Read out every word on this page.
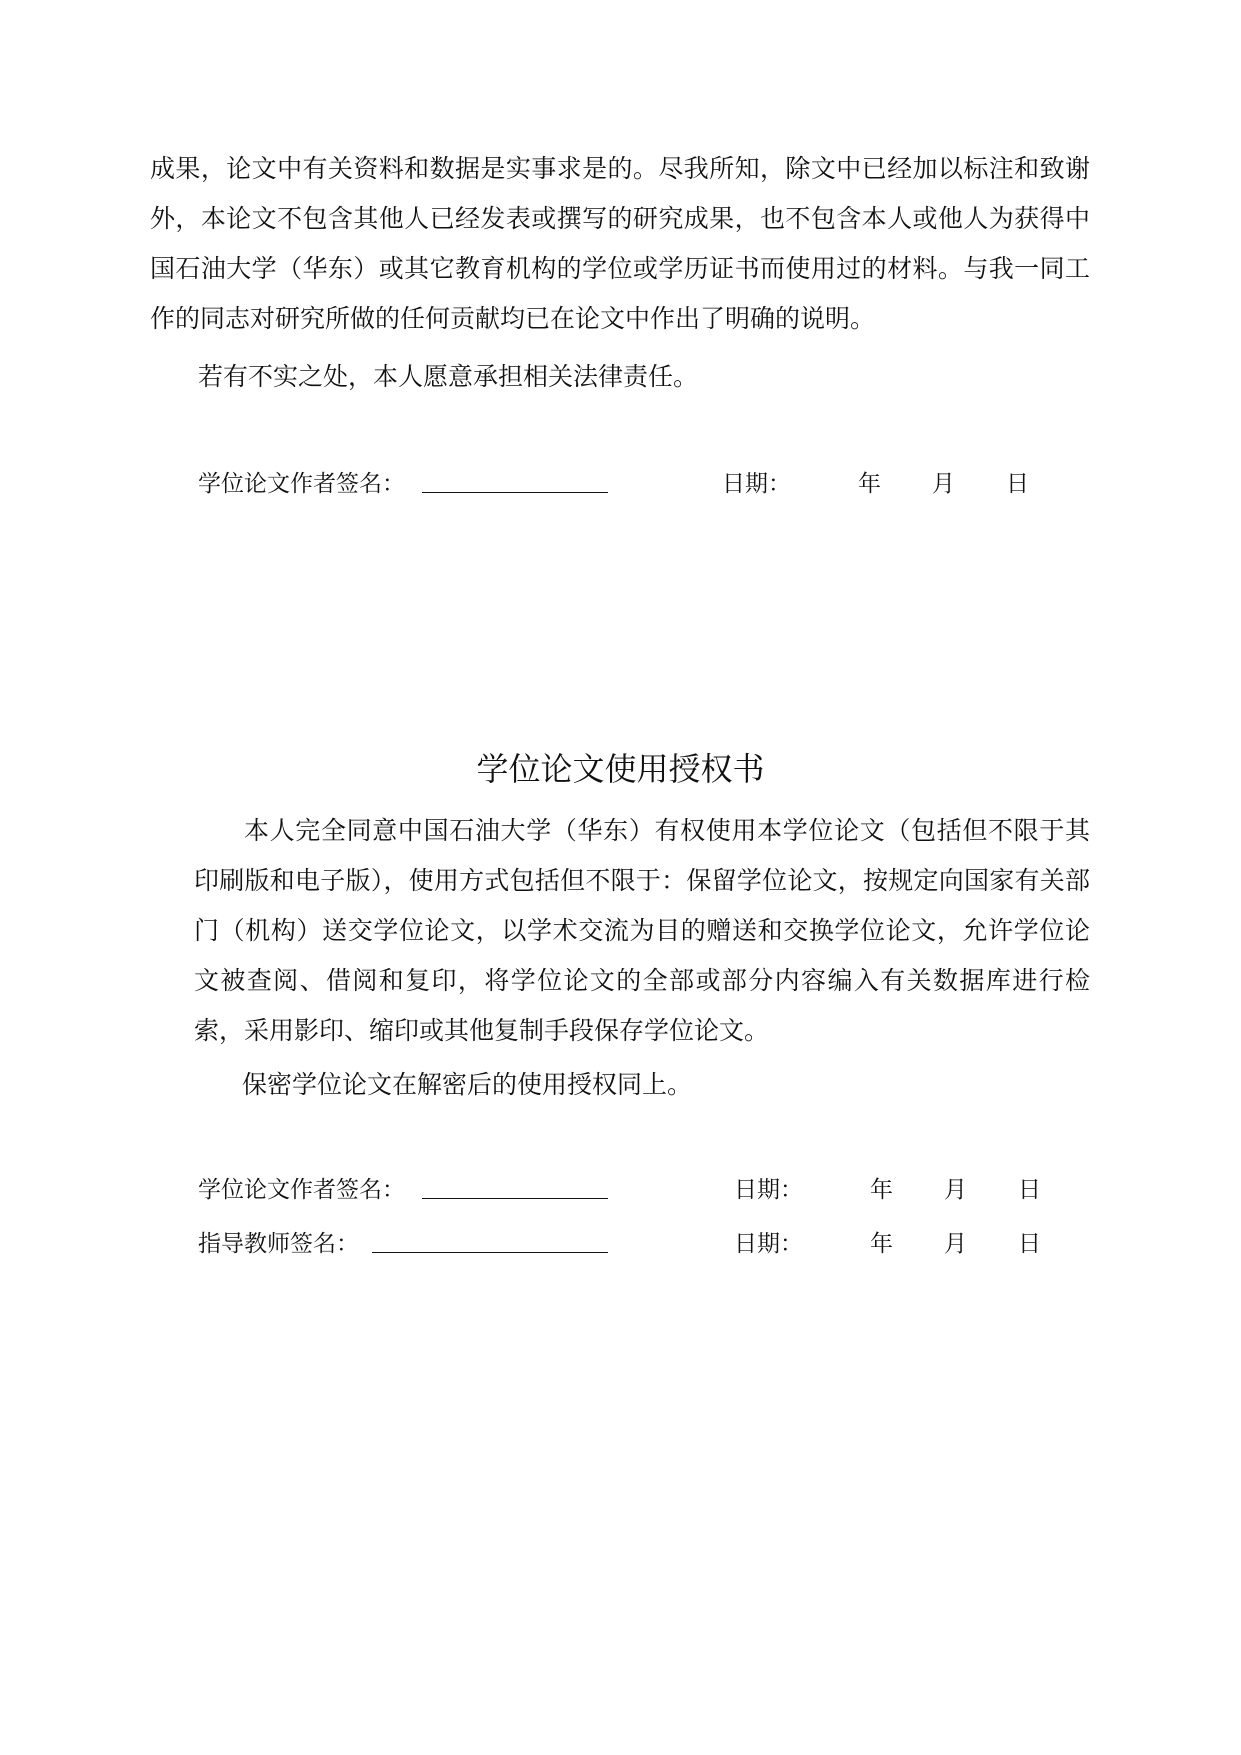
成果，论文中有关资料和数据是实事求是的。尽我所知，除文中已经加以标注和致谢外，本论文不包含其他人已经发表或撰写的研究成果，也不包含本人或他人为获得中国石油大学（华东）或其它教育机构的学位或学历证书而使用过的材料。与我一同工作的同志对研究所做的任何贡献均已在论文中作出了明确的说明。

若有不实之处，本人愿意承担相关法律责任。

学位论文作者签名：	日期：	年 月 日
学位论文使用授权书

本人完全同意中国石油大学（华东）有权使用本学位论文（包括但不限于其印刷版和电子版），使用方式包括但不限于：保留学位论文，按规定向国家有关部门（机构）送交学位论文，以学术交流为目的赠送和交换学位论文，允许学位论文被查阅、借阅和复印，将学位论文的全部或部分内容编入有关数据库进行检索，采用影印、缩印或其他复制手段保存学位论文。

保密学位论文在解密后的使用授权同上。

学位论文作者签名：	日期：	年 月 日
指导教师签名：	日期：	年 月 日
